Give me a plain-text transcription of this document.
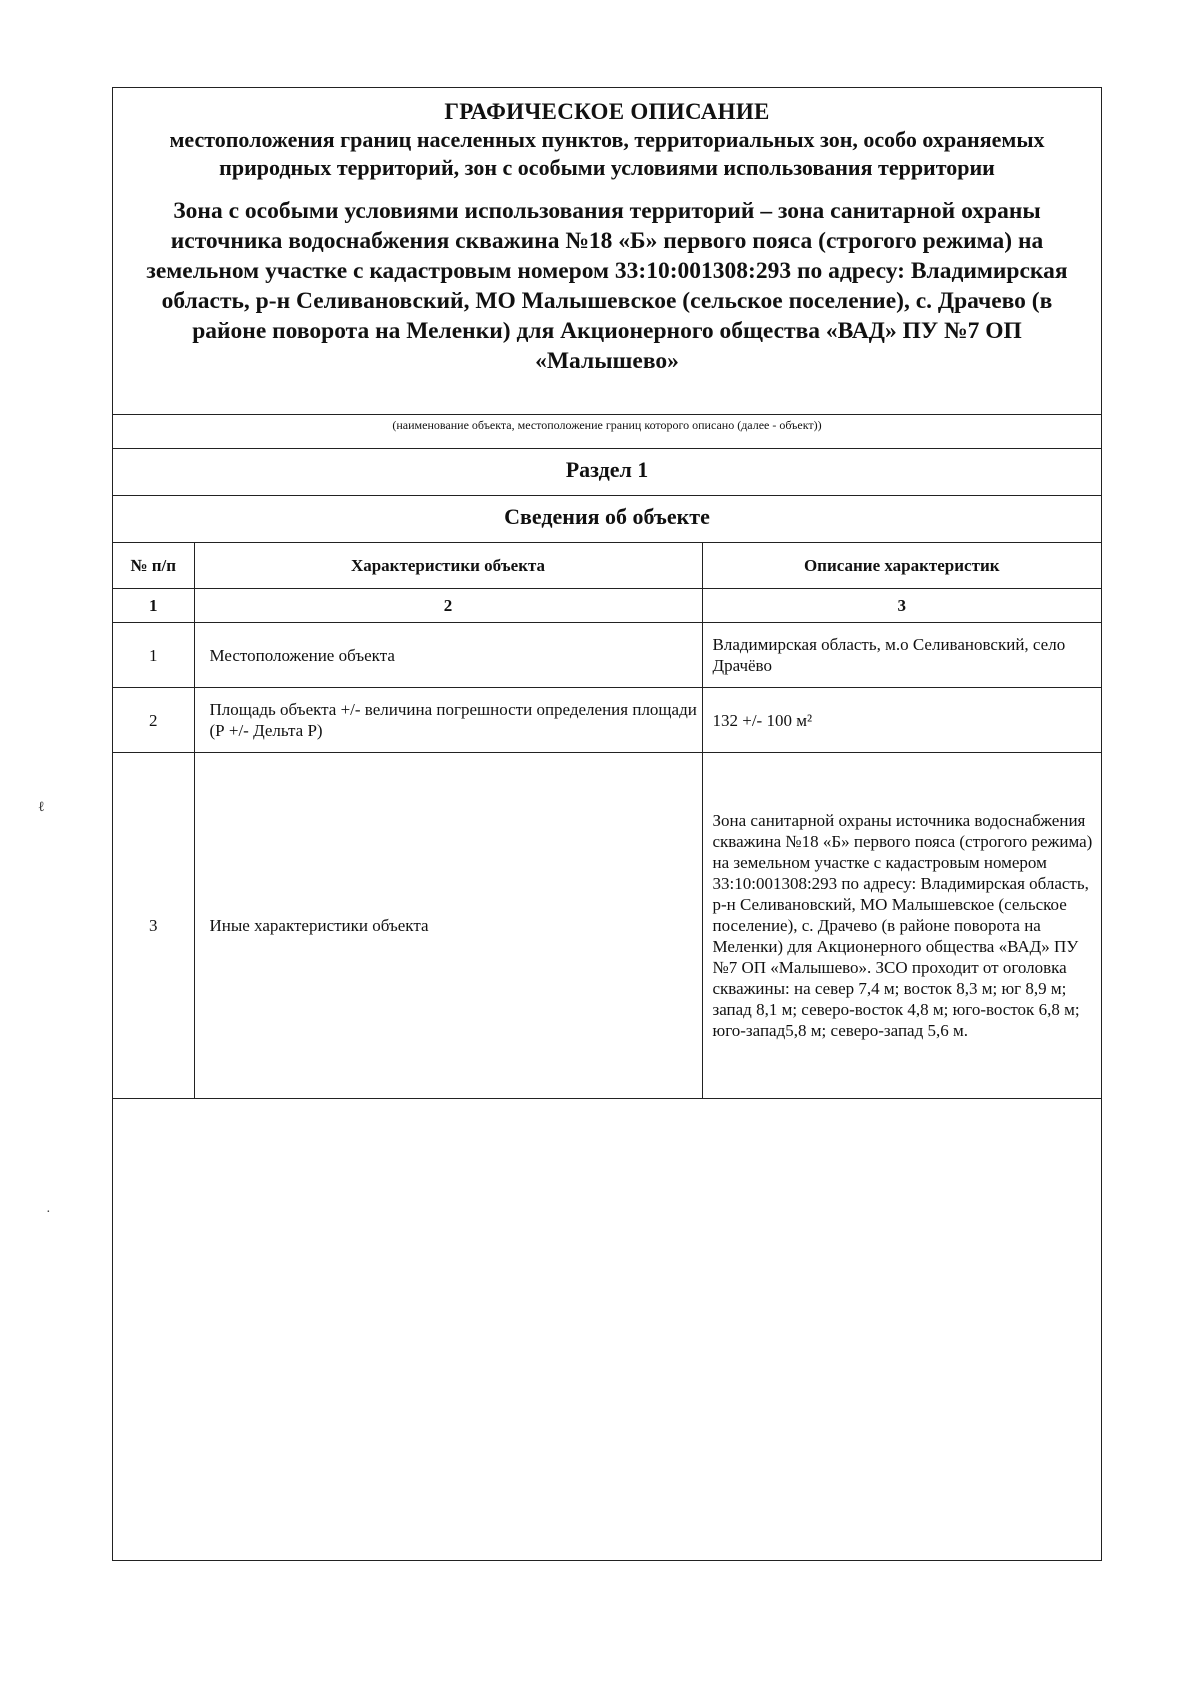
ГРАФИЧЕСКОЕ ОПИСАНИЕ

местоположения границ населенных пунктов, территориальных зон, особо охраняемых природных территорий, зон с особыми условиями использования территории

Зона с особыми условиями использования территорий – зона санитарной охраны источника водоснабжения скважина №18 «Б» первого пояса (строгого режима) на земельном участке с кадастровым номером 33:10:001308:293 по адресу: Владимирская область, р-н Селивановский, МО Малышевское (сельское поселение), с. Драчево (в районе поворота на Меленки) для Акционерного общества «ВАД» ПУ №7 ОП «Малышево»

(наименование объекта, местоположение границ которого описано (далее - объект))
Раздел 1
Сведения об объекте
№ п/п	Характеристики объекта	Описание характеристик
1	2	3
1	Местоположение объекта	Владимирская область, м.о Селивановский, село Драчёво
2	Площадь объекта +/- величина погрешности определения площади (Р +/- Дельта Р)	132 +/- 100 м²
3	Иные характеристики объекта	Зона санитарной охраны источника водоснабжения скважина №18 «Б» первого пояса (строгого режима) на земельном участке с кадастровым номером 33:10:001308:293 по адресу: Владимирская область, р-н Селивановский, МО Малышевское (сельское поселение), с. Драчево (в районе поворота на Меленки) для Акционерного общества «ВАД» ПУ №7 ОП «Малышево». ЗСО проходит от оголовка скважины: на север 7,4 м; восток 8,3 м; юг 8,9 м; запад 8,1 м; северо-восток 4,8 м; юго-восток 6,8 м; юго-запад5,8 м; северо-запад 5,6 м.
ℓ
·
